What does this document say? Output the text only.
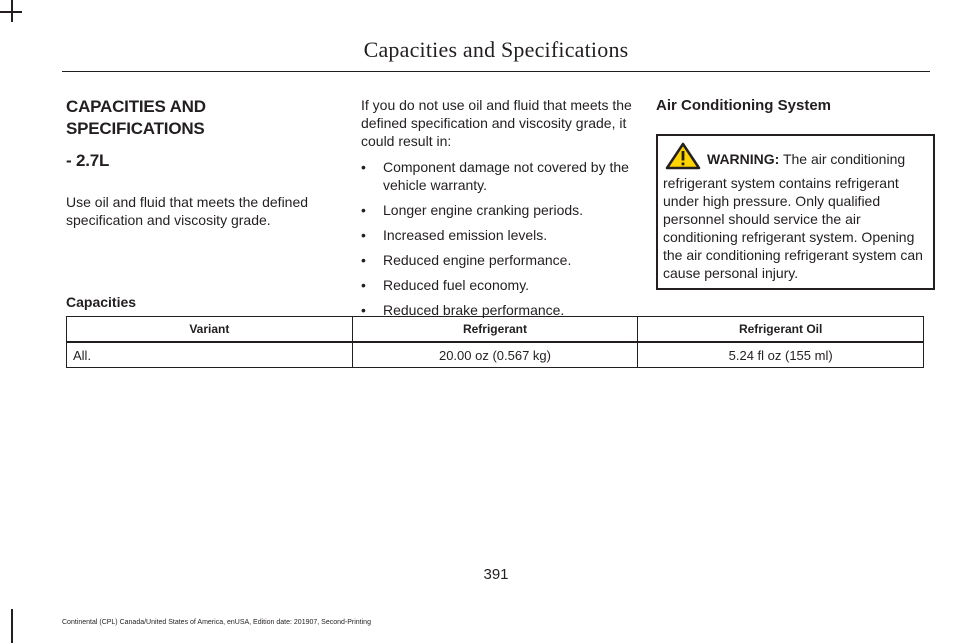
Capacities and Specifications
CAPACITIES AND SPECIFICATIONS
- 2.7L

Use oil and fluid that meets the defined specification and viscosity grade.

If you do not use oil and fluid that meets the defined specification and viscosity grade, it could result in:

• Component damage not covered by the vehicle warranty.
• Longer engine cranking periods.
• Increased emission levels.
• Reduced engine performance.
• Reduced fuel economy.
• Reduced brake performance.
Air Conditioning System
WARNING: The air conditioning refrigerant system contains refrigerant under high pressure. Only qualified personnel should service the air conditioning refrigerant system. Opening the air conditioning refrigerant system can cause personal injury.
Capacities
Variant	Refrigerant	Refrigerant Oil
All.	20.00 oz (0.567 kg)	5.24 fl oz (155 ml)
391
Continental (CPL) Canada/United States of America, enUSA, Edition date: 201907, Second-Printing
